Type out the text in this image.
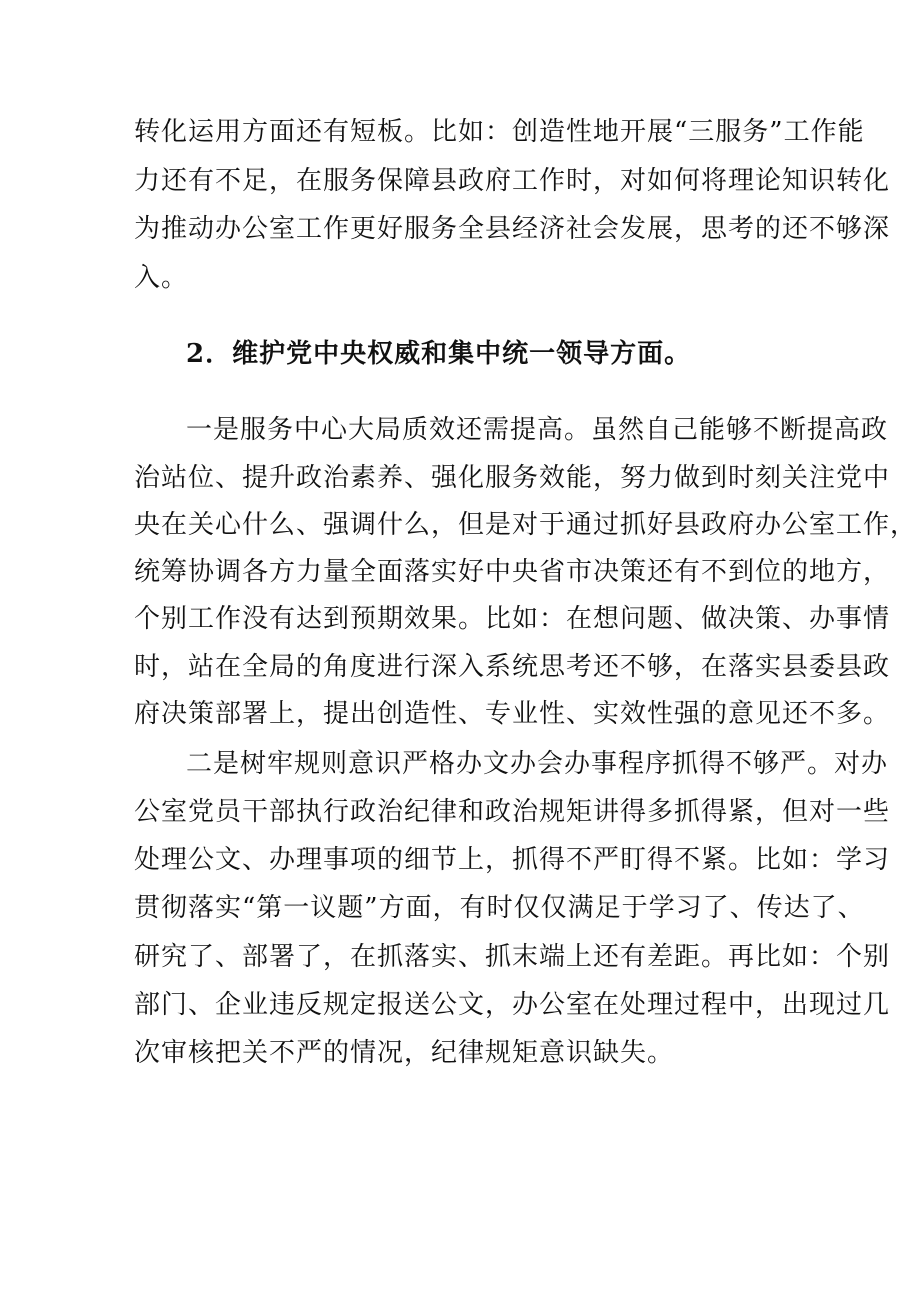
转化运用方面还有短板。比如：创造性地开展“三服务”工作能
力还有不足，在服务保障县政府工作时，对如何将理论知识转化
为推动办公室工作更好服务全县经济社会发展，思考的还不够深
入。
2．维护党中央权威和集中统一领导方面。
一是服务中心大局质效还需提高。虽然自己能够不断提高政
治站位、提升政治素养、强化服务效能，努力做到时刻关注党中
央在关心什么、强调什么，但是对于通过抓好县政府办公室工作，
统筹协调各方力量全面落实好中央省市决策还有不到位的地方，
个别工作没有达到预期效果。比如：在想问题、做决策、办事情
时，站在全局的角度进行深入系统思考还不够，在落实县委县政
府决策部署上，提出创造性、专业性、实效性强的意见还不多。
二是树牢规则意识严格办文办会办事程序抓得不够严。对办
公室党员干部执行政治纪律和政治规矩讲得多抓得紧，但对一些
处理公文、办理事项的细节上，抓得不严盯得不紧。比如：学习
贯彻落实“第一议题”方面，有时仅仅满足于学习了、传达了、
研究了、部署了，在抓落实、抓末端上还有差距。再比如：个别
部门、企业违反规定报送公文，办公室在处理过程中，出现过几
次审核把关不严的情况，纪律规矩意识缺失。
